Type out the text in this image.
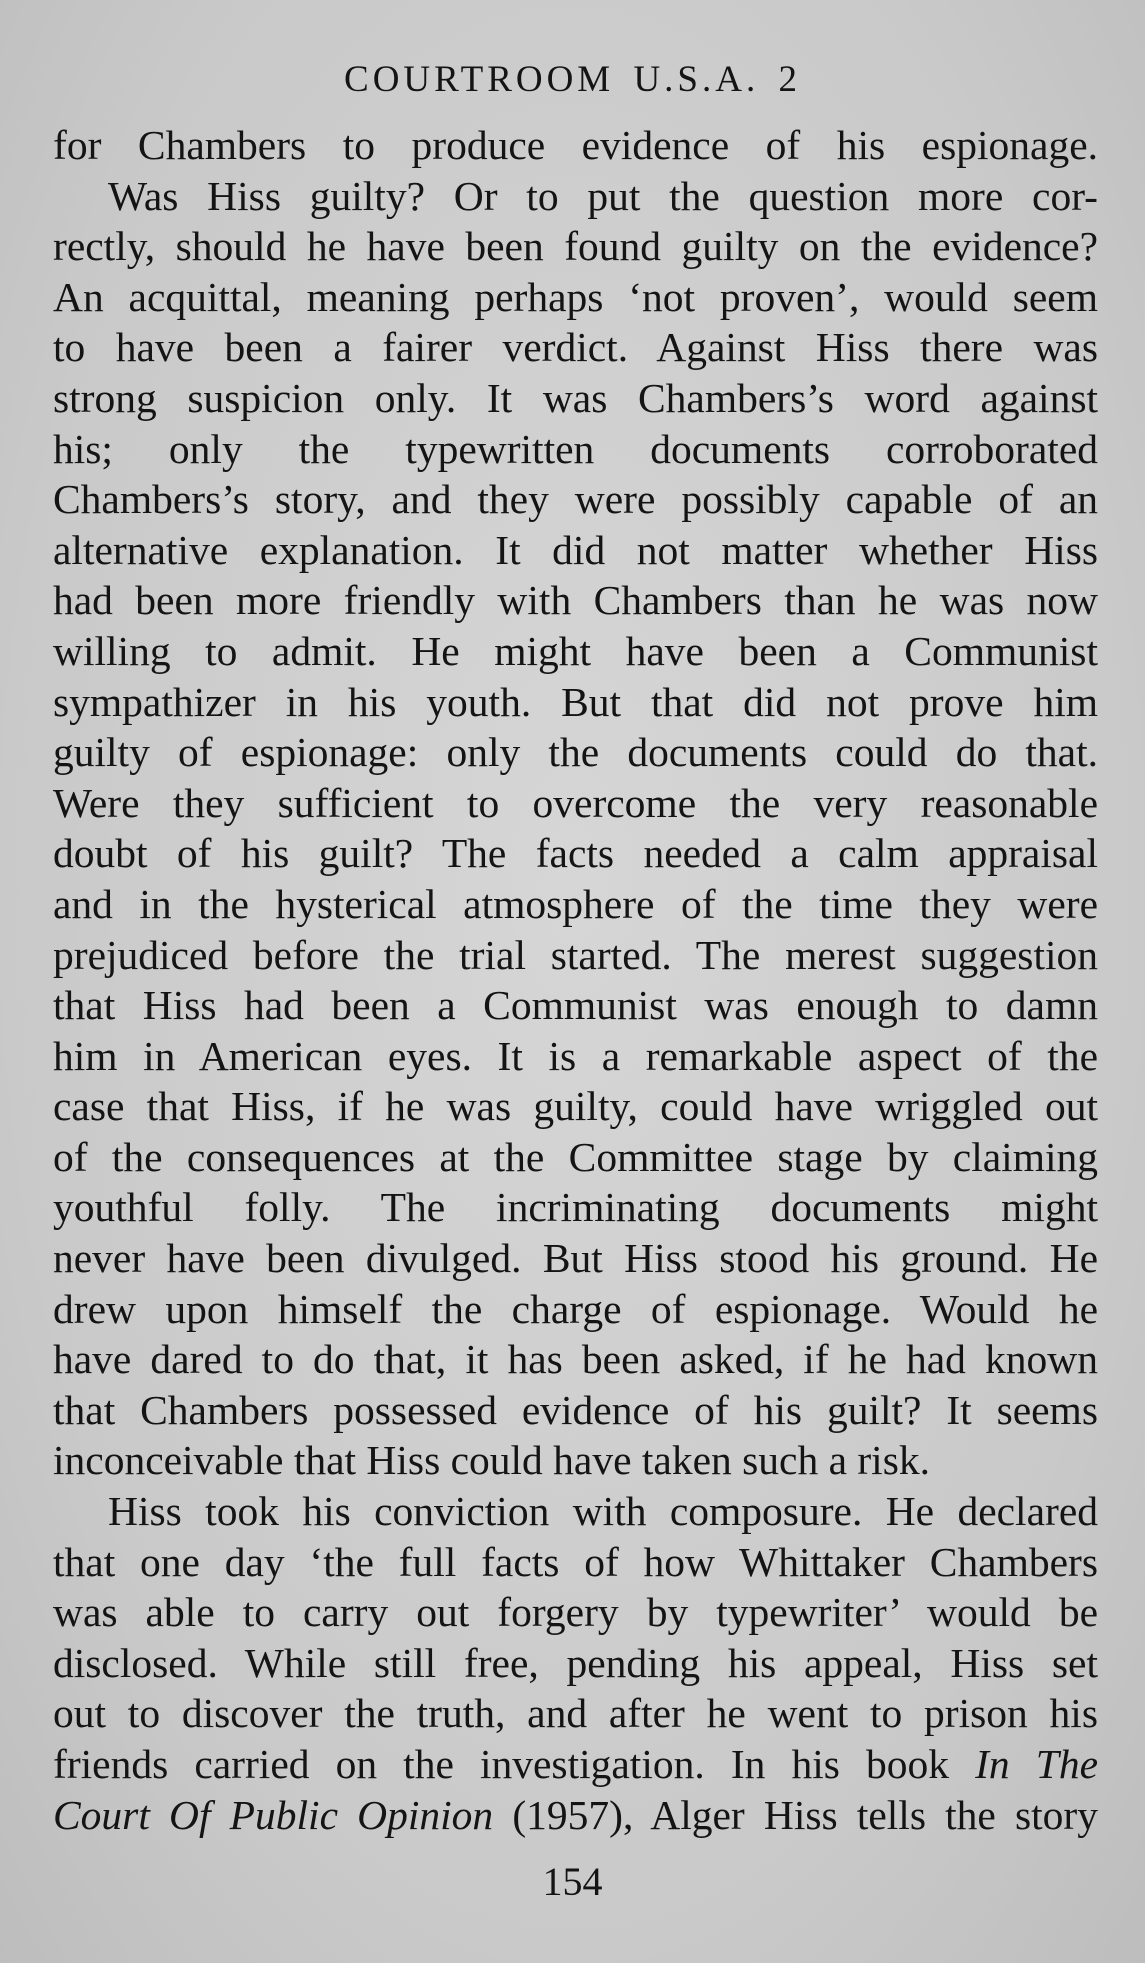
COURTROOM U.S.A. 2
for Chambers to produce evidence of his espionage.
Was Hiss guilty? Or to put the question more cor-
rectly, should he have been found guilty on the evidence?
An acquittal, meaning perhaps ‘not proven’, would seem
to have been a fairer verdict. Against Hiss there was
strong suspicion only. It was Chambers’s word against
his; only the typewritten documents corroborated
Chambers’s story, and they were possibly capable of an
alternative explanation. It did not matter whether Hiss
had been more friendly with Chambers than he was now
willing to admit. He might have been a Communist
sympathizer in his youth. But that did not prove him
guilty of espionage: only the documents could do that.
Were they sufficient to overcome the very reasonable
doubt of his guilt? The facts needed a calm appraisal
and in the hysterical atmosphere of the time they were
prejudiced before the trial started. The merest suggestion
that Hiss had been a Communist was enough to damn
him in American eyes. It is a remarkable aspect of the
case that Hiss, if he was guilty, could have wriggled out
of the consequences at the Committee stage by claiming
youthful folly. The incriminating documents might
never have been divulged. But Hiss stood his ground. He
drew upon himself the charge of espionage. Would he
have dared to do that, it has been asked, if he had known
that Chambers possessed evidence of his guilt? It seems
inconceivable that Hiss could have taken such a risk.
Hiss took his conviction with composure. He declared
that one day ‘the full facts of how Whittaker Chambers
was able to carry out forgery by typewriter’ would be
disclosed. While still free, pending his appeal, Hiss set
out to discover the truth, and after he went to prison his
friends carried on the investigation. In his book In The
Court Of Public Opinion (1957), Alger Hiss tells the story
154
